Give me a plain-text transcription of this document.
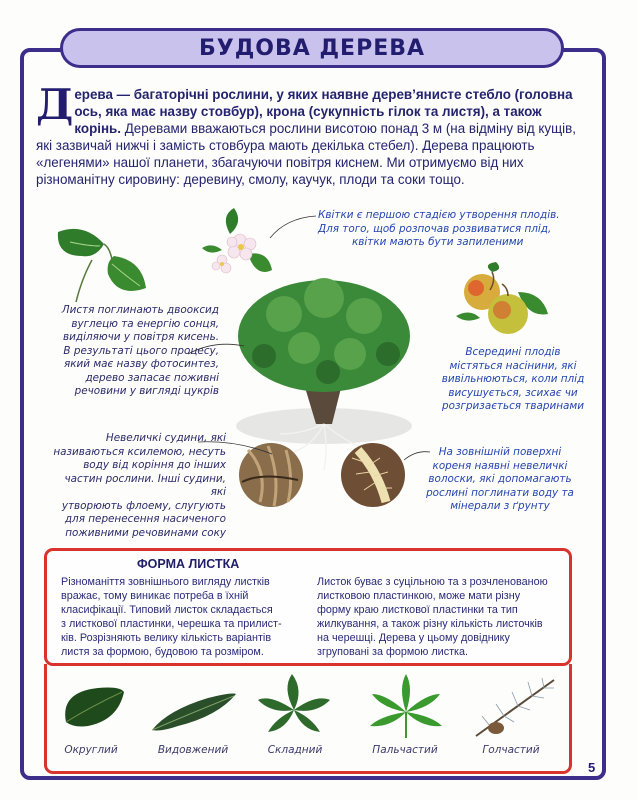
БУДОВА ДЕРЕВА
Дерева — багаторічні рослини, у яких наявне дерев’янисте стебло (головна ось, яка має назву стовбур), крона (сукупність гілок та листя), а також корінь. Деревами вважаються рослини висотою понад 3 м (на відміну від кущів, які зазвичай нижчі і замість стовбура мають декілька стебел). Дерева працюють «легенями» нашої планети, збагачуючи повітря киснем. Ми отримуємо від них різноманітну сировину: деревину, смолу, каучук, плоди та соки тощо.
Квітки є першою стадією утворення плодів.
Для того, щоб розпочав розвиватися плід,
квітки мають бути запиленими
Листя поглинають двооксид
вуглецю та енергію сонця,
виділяючи у повітря кисень.
В результаті цього процесу,
який має назву фотосинтез,
дерево запасає поживні
речовини у вигляді цукрів
Всередині плодів
містяться насінини, які
вивільнюються, коли плід
висушується, зсихає чи
розгризається тваринами
Невеличкі судини, які
називаються ксилемою, несуть
воду від коріння до інших
частин рослини. Інші судини, які
утворюють флоему, слугують
для перенесення насиченого
поживними речовинами соку
На зовнішній поверхні
кореня наявні невеличкі
волоски, які допомагають
рослині поглинати воду та
мінерали з ґрунту
ФОРМА ЛИСТКА
Різноманіття зовнішнього вигляду листків
вражає, тому виникає потреба в їхній
класифікації. Типовий листок складається
з листкової пластинки, черешка та прилист-
ків. Розрізняють велику кількість варіантів
листя за формою, будовою та розміром.
Листок буває з суцільною та з розчленованою
листковою пластинкою, може мати різну
форму краю листкової пластинки та тип
жилкування, а також різну кількість листочків
на черешці. Дерева у цьому довіднику
згруповані за формою листка.
Округлий	Видовжений	Складний	Пальчастий	Голчастий
5
